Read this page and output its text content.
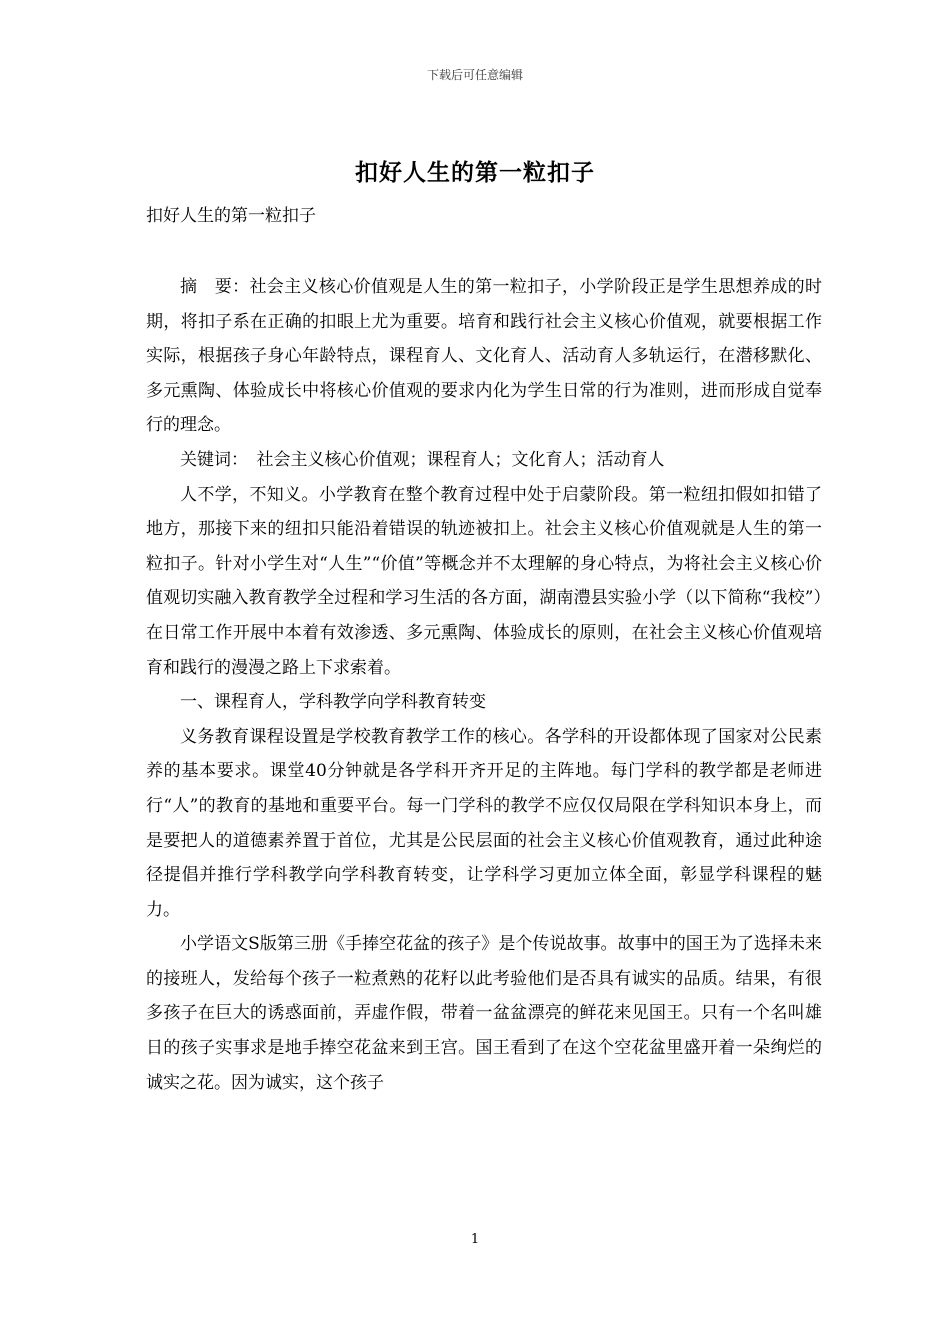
下载后可任意编辑
扣好人生的第一粒扣子
扣好人生的第一粒扣子

摘　要：社会主义核心价值观是人生的第一粒扣子，小学阶段正是学生思想养成的时期，将扣子系在正确的扣眼上尤为重要。培育和践行社会主义核心价值观，就要根据工作实际，根据孩子身心年龄特点，课程育人、文化育人、活动育人多轨运行，在潜移默化、多元熏陶、体验成长中将核心价值观的要求内化为学生日常的行为准则，进而形成自觉奉行的理念。

关键词：　社会主义核心价值观；课程育人；文化育人；活动育人

人不学，不知义。小学教育在整个教育过程中处于启蒙阶段。第一粒纽扣假如扣错了地方，那接下来的纽扣只能沿着错误的轨迹被扣上。社会主义核心价值观就是人生的第一粒扣子。针对小学生对“人生”“价值”等概念并不太理解的身心特点，为将社会主义核心价值观切实融入教育教学全过程和学习生活的各方面，湖南澧县实验小学（以下简称“我校”）在日常工作开展中本着有效渗透、多元熏陶、体验成长的原则，在社会主义核心价值观培育和践行的漫漫之路上下求索着。

一、课程育人，学科教学向学科教育转变

义务教育课程设置是学校教育教学工作的核心。各学科的开设都体现了国家对公民素养的基本要求。课堂40分钟就是各学科开齐开足的主阵地。每门学科的教学都是老师进行“人”的教育的基地和重要平台。每一门学科的教学不应仅仅局限在学科知识本身上，而是要把人的道德素养置于首位，尤其是公民层面的社会主义核心价值观教育，通过此种途径提倡并推行学科教学向学科教育转变，让学科学习更加立体全面，彰显学科课程的魅力。

小学语文S版第三册《手捧空花盆的孩子》是个传说故事。故事中的国王为了选择未来的接班人，发给每个孩子一粒煮熟的花籽以此考验他们是否具有诚实的品质。结果，有很多孩子在巨大的诱惑面前，弄虚作假，带着一盆盆漂亮的鲜花来见国王。只有一个名叫雄日的孩子实事求是地手捧空花盆来到王宫。国王看到了在这个空花盆里盛开着一朵绚烂的诚实之花。因为诚实，这个孩子

1
